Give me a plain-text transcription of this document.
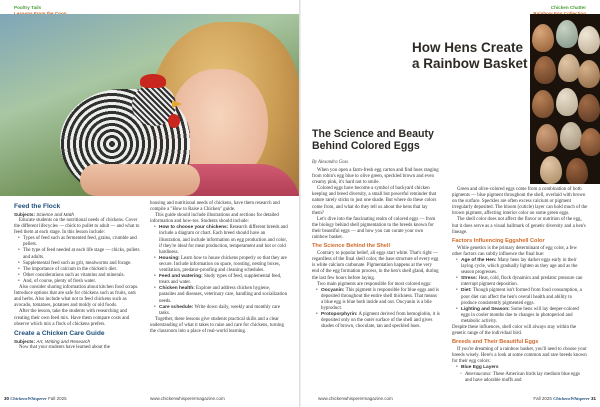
Poultry Tails
Feed the Flock
Subjects: Science and Math

Educate students on the nutritional needs of chickens. Cover the different lifecycles — chick to pullet to adult — and what to feed them at each stage. In this lesson include:

• Types of feed such as fermented feed, grains, crumble and pellets.
• The type of feed needed at each life stage — chicks, pullets and adults.
• Supplemental feed such as grit, mealworms and forage.
• The importance of calcium in the chicken's diet.
• Other considerations such as vitamins and minerals.
• And, of course, plenty of fresh water.

Also consider sharing information about kitchen food scraps. Introduce options that are safe for chickens such as fruits, oats and herbs. Also include what not to feed chickens such as avocado, tomatoes, potatoes and moldy or old foods.

After the lesson, take the students with researching and creating their own feed mix. Have them compare costs and observe which mix a flock of chickens prefers.

Create a Chicken Care Guide
Subjects: Art, Writing and Research

Now that your students have learned about the

housing and nutritional needs of chickens, have them research and compile a "How to Raise a Chicken" guide.

This guide should include illustrations and sections for detailed information and how-tos. Students should include:

• How to choose your chickens: Research different breeds and include a diagram or chart. Each breed should have an illustration, and include information on egg production and color, if they're ideal for meat production, temperament and hot or cold hardiness.
• Housing: Learn how to house chickens properly so that they are secure. Include information on space, roosting, nesting boxes, ventilation, predator-proofing and cleaning schedules.
• Feed and watering: Study types of feed, supplemental feed, treats and water.
• Chicken health: Explore and address chicken hygiene, parasites and diseases, veterinary care, handling and socialization needs.
• Care schedule: Write down daily, weekly and monthly care tasks.

Together, these lessons give students practical skills and a clear understanding of what it takes to raise and care for chickens, turning the classroom into a place of real-world learning.

30 ChickensWhisperer Fall 2025	www.chickenwhisperermagazine.com
Chicken Chatter
How Hens Create a Rainbow Basket
The Science and Beauty Behind Colored Eggs
By Alexandra Goss

When you open a farm-fresh egg carton and find hues ranging from robin's egg blue to olive green, speckled brown and even creamy pink, it's hard not to smile.

Colored eggs have become a symbol of backyard chicken keeping and breed diversity, a small but powerful reminder that nature rarely sticks to just one shade. But where do these colors come from, and what do they tell us about the hens that lay them?

Let's dive into the fascinating realm of colored eggs — from the biology behind shell pigmentation to the breeds known for their beautiful eggs — and how you can curate your own rainbow basket.

The Science Behind the Shell

Contrary to popular belief, all eggs start white. That's right — regardless of the final shell color, the base structure of every egg is white calcium carbonate. Pigmentation happens at the very end of the egg formation process, in the hen's shell gland, during the last few hours before laying.

Two main pigments are responsible for most colored eggs:

• Oocyanin: This pigment is responsible for blue eggs and is deposited throughout the entire shell thickness. That means a blue egg is blue both inside and out. Oocyanin is a bile byproduct.
• Protoporphyrin: A pigment derived from hemoglobin, it is deposited only on the outer surface of the shell and gives shades of brown, chocolate, tan and speckled hues.

Green and olive-colored eggs come from a combination of both pigments — blue pigment throughout the shell, overlaid with brown on the surface. Speckles are often excess calcium or pigment irregularly deposited. The bloom (cuticle) layer can hold much of the brown pigment, affecting interior color on some green eggs.

The shell color does not affect the flavor or nutrition of the egg, but it does serve as a visual hallmark of genetic diversity and a hen's lineage.

Factors Influencing Eggshell Color

While genetics is the primary determinant of egg color, a few other factors can subtly influence the final hue:

• Age of the Hen: Many hens lay darker eggs early in their laying cycle, which gradually lighten as they age and as the season progresses.
• Stress: Heat, cold, flock dynamics and predator pressure can interrupt pigment deposition.
• Diet: Though pigment isn't formed from food consumption, a poor diet can affect the hen's overall health and ability to produce consistently pigmented eggs.
• Lighting and Season: Some hens will lay deeper-colored eggs in cooler months due to changes in photoperiod and metabolic activity.

Despite these influences, shell color will always stay within the genetic range of the individual bird.

Breeds and Their Beautiful Eggs

If you're dreaming of a rainbow basket, you'll need to choose your breeds wisely. Here's a look at some common and rare breeds known for their egg colors:

• Blue Egg Layers
▫ Ameraucana: These American birds lay medium blue eggs and have adorable muffs and
www.chickenwhisperermagazine.com	Fall 2025 ChickensWhisperer 31
